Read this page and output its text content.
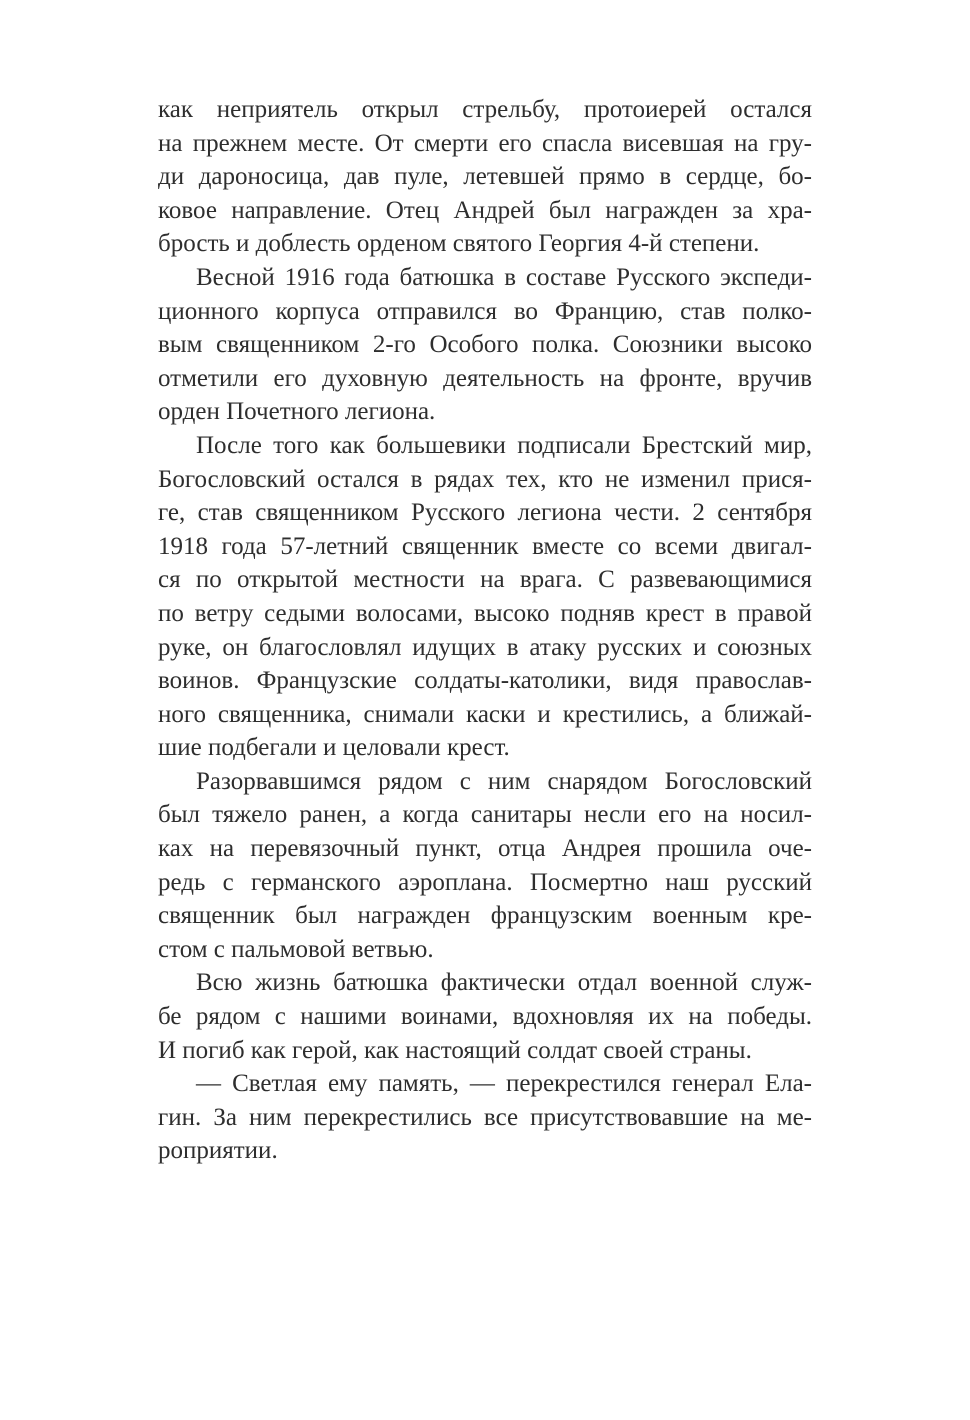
как неприятель открыл стрельбу, протоиерей остался
на прежнем месте. От смерти его спасла висевшая на гру-
ди дароносица, дав пуле, летевшей прямо в сердце, бо-
ковое направление. Отец Андрей был награжден за хра-
брость и доблесть орденом святого Георгия 4-й степени.
Весной 1916 года батюшка в составе Русского экспеди-
ционного корпуса отправился во Францию, став полко-
вым священником 2-го Особого полка. Союзники высоко
отметили его духовную деятельность на фронте, вручив
орден Почетного легиона.
После того как большевики подписали Брестский мир,
Богословский остался в рядах тех, кто не изменил прися-
ге, став священником Русского легиона чести. 2 сентября
1918 года 57-летний священник вместе со всеми двигал-
ся по открытой местности на врага. С развевающимися
по ветру седыми волосами, высоко подняв крест в правой
руке, он благословлял идущих в атаку русских и союзных
воинов. Французские солдаты-католики, видя православ-
ного священника, снимали каски и крестились, а ближай-
шие подбегали и целовали крест.
Разорвавшимся рядом с ним снарядом Богословский
был тяжело ранен, а когда санитары несли его на носил-
ках на перевязочный пункт, отца Андрея прошила оче-
редь с германского аэроплана. Посмертно наш русский
священник был награжден французским военным кре-
стом с пальмовой ветвью.
Всю жизнь батюшка фактически отдал военной служ-
бе рядом с нашими воинами, вдохновляя их на победы.
И погиб как герой, как настоящий солдат своей страны.
— Светлая ему память, — перекрестился генерал Ела-
гин. За ним перекрестились все присутствовавшие на ме-
роприятии.
